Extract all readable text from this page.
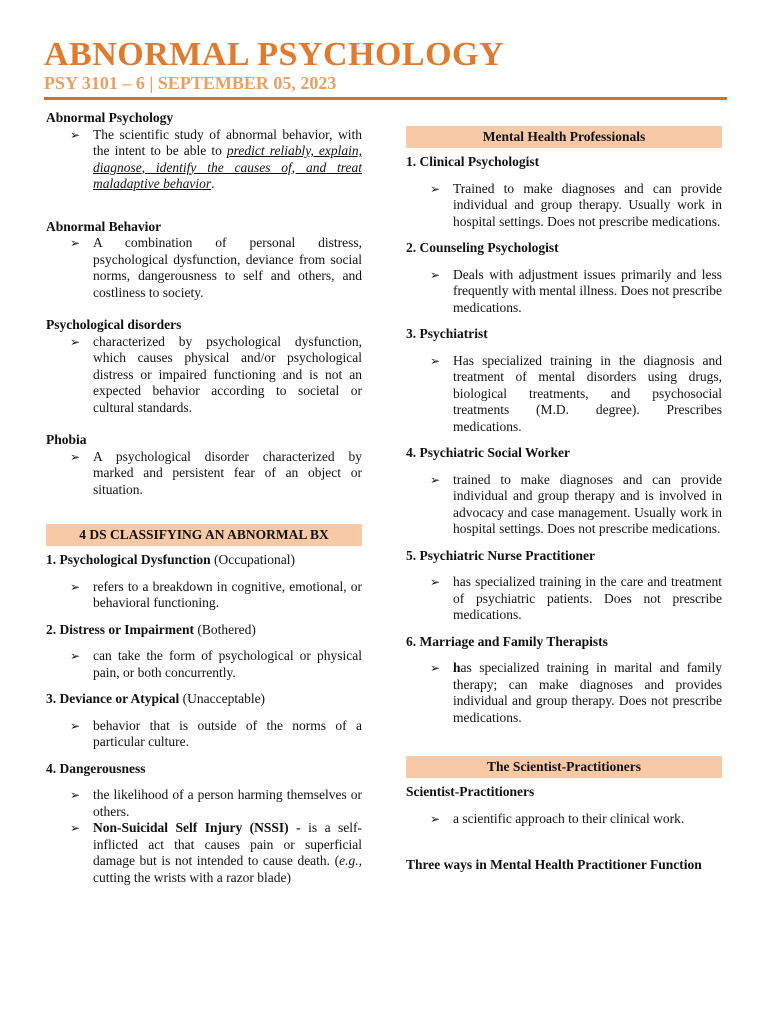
ABNORMAL PSYCHOLOGY
PSY 3101 – 6 | SEPTEMBER 05, 2023
Abnormal Psychology
➢ The scientific study of abnormal behavior, with the intent to be able to predict reliably, explain, diagnose, identify the causes of, and treat maladaptive behavior.
Abnormal Behavior
➢ A combination of personal distress, psychological dysfunction, deviance from social norms, dangerousness to self and others, and costliness to society.
Psychological disorders
➢ characterized by psychological dysfunction, which causes physical and/or psychological distress or impaired functioning and is not an expected behavior according to societal or cultural standards.
Phobia
➢ A psychological disorder characterized by marked and persistent fear of an object or situation.
4 DS CLASSIFYING AN ABNORMAL BX
1. Psychological Dysfunction (Occupational)
➢ refers to a breakdown in cognitive, emotional, or behavioral functioning.
2. Distress or Impairment (Bothered)
➢ can take the form of psychological or physical pain, or both concurrently.
3. Deviance or Atypical (Unacceptable)
➢ behavior that is outside of the norms of a particular culture.
4. Dangerousness
➢ the likelihood of a person harming themselves or others.
➢ Non-Suicidal Self Injury (NSSI) - is a self-inflicted act that causes pain or superficial damage but is not intended to cause death. (e.g., cutting the wrists with a razor blade)
Mental Health Professionals
1. Clinical Psychologist
➢ Trained to make diagnoses and can provide individual and group therapy. Usually work in hospital settings. Does not prescribe medications.
2. Counseling Psychologist
➢ Deals with adjustment issues primarily and less frequently with mental illness. Does not prescribe medications.
3. Psychiatrist
➢ Has specialized training in the diagnosis and treatment of mental disorders using drugs, biological treatments, and psychosocial treatments (M.D. degree). Prescribes medications.
4. Psychiatric Social Worker
➢ trained to make diagnoses and can provide individual and group therapy and is involved in advocacy and case management. Usually work in hospital settings. Does not prescribe medications.
5. Psychiatric Nurse Practitioner
➢ has specialized training in the care and treatment of psychiatric patients. Does not prescribe medications.
6. Marriage and Family Therapists
➢ has specialized training in marital and family therapy; can make diagnoses and provides individual and group therapy. Does not prescribe medications.
The Scientist-Practitioners
Scientist-Practitioners
➢ a scientific approach to their clinical work.
Three ways in Mental Health Practitioner Function
